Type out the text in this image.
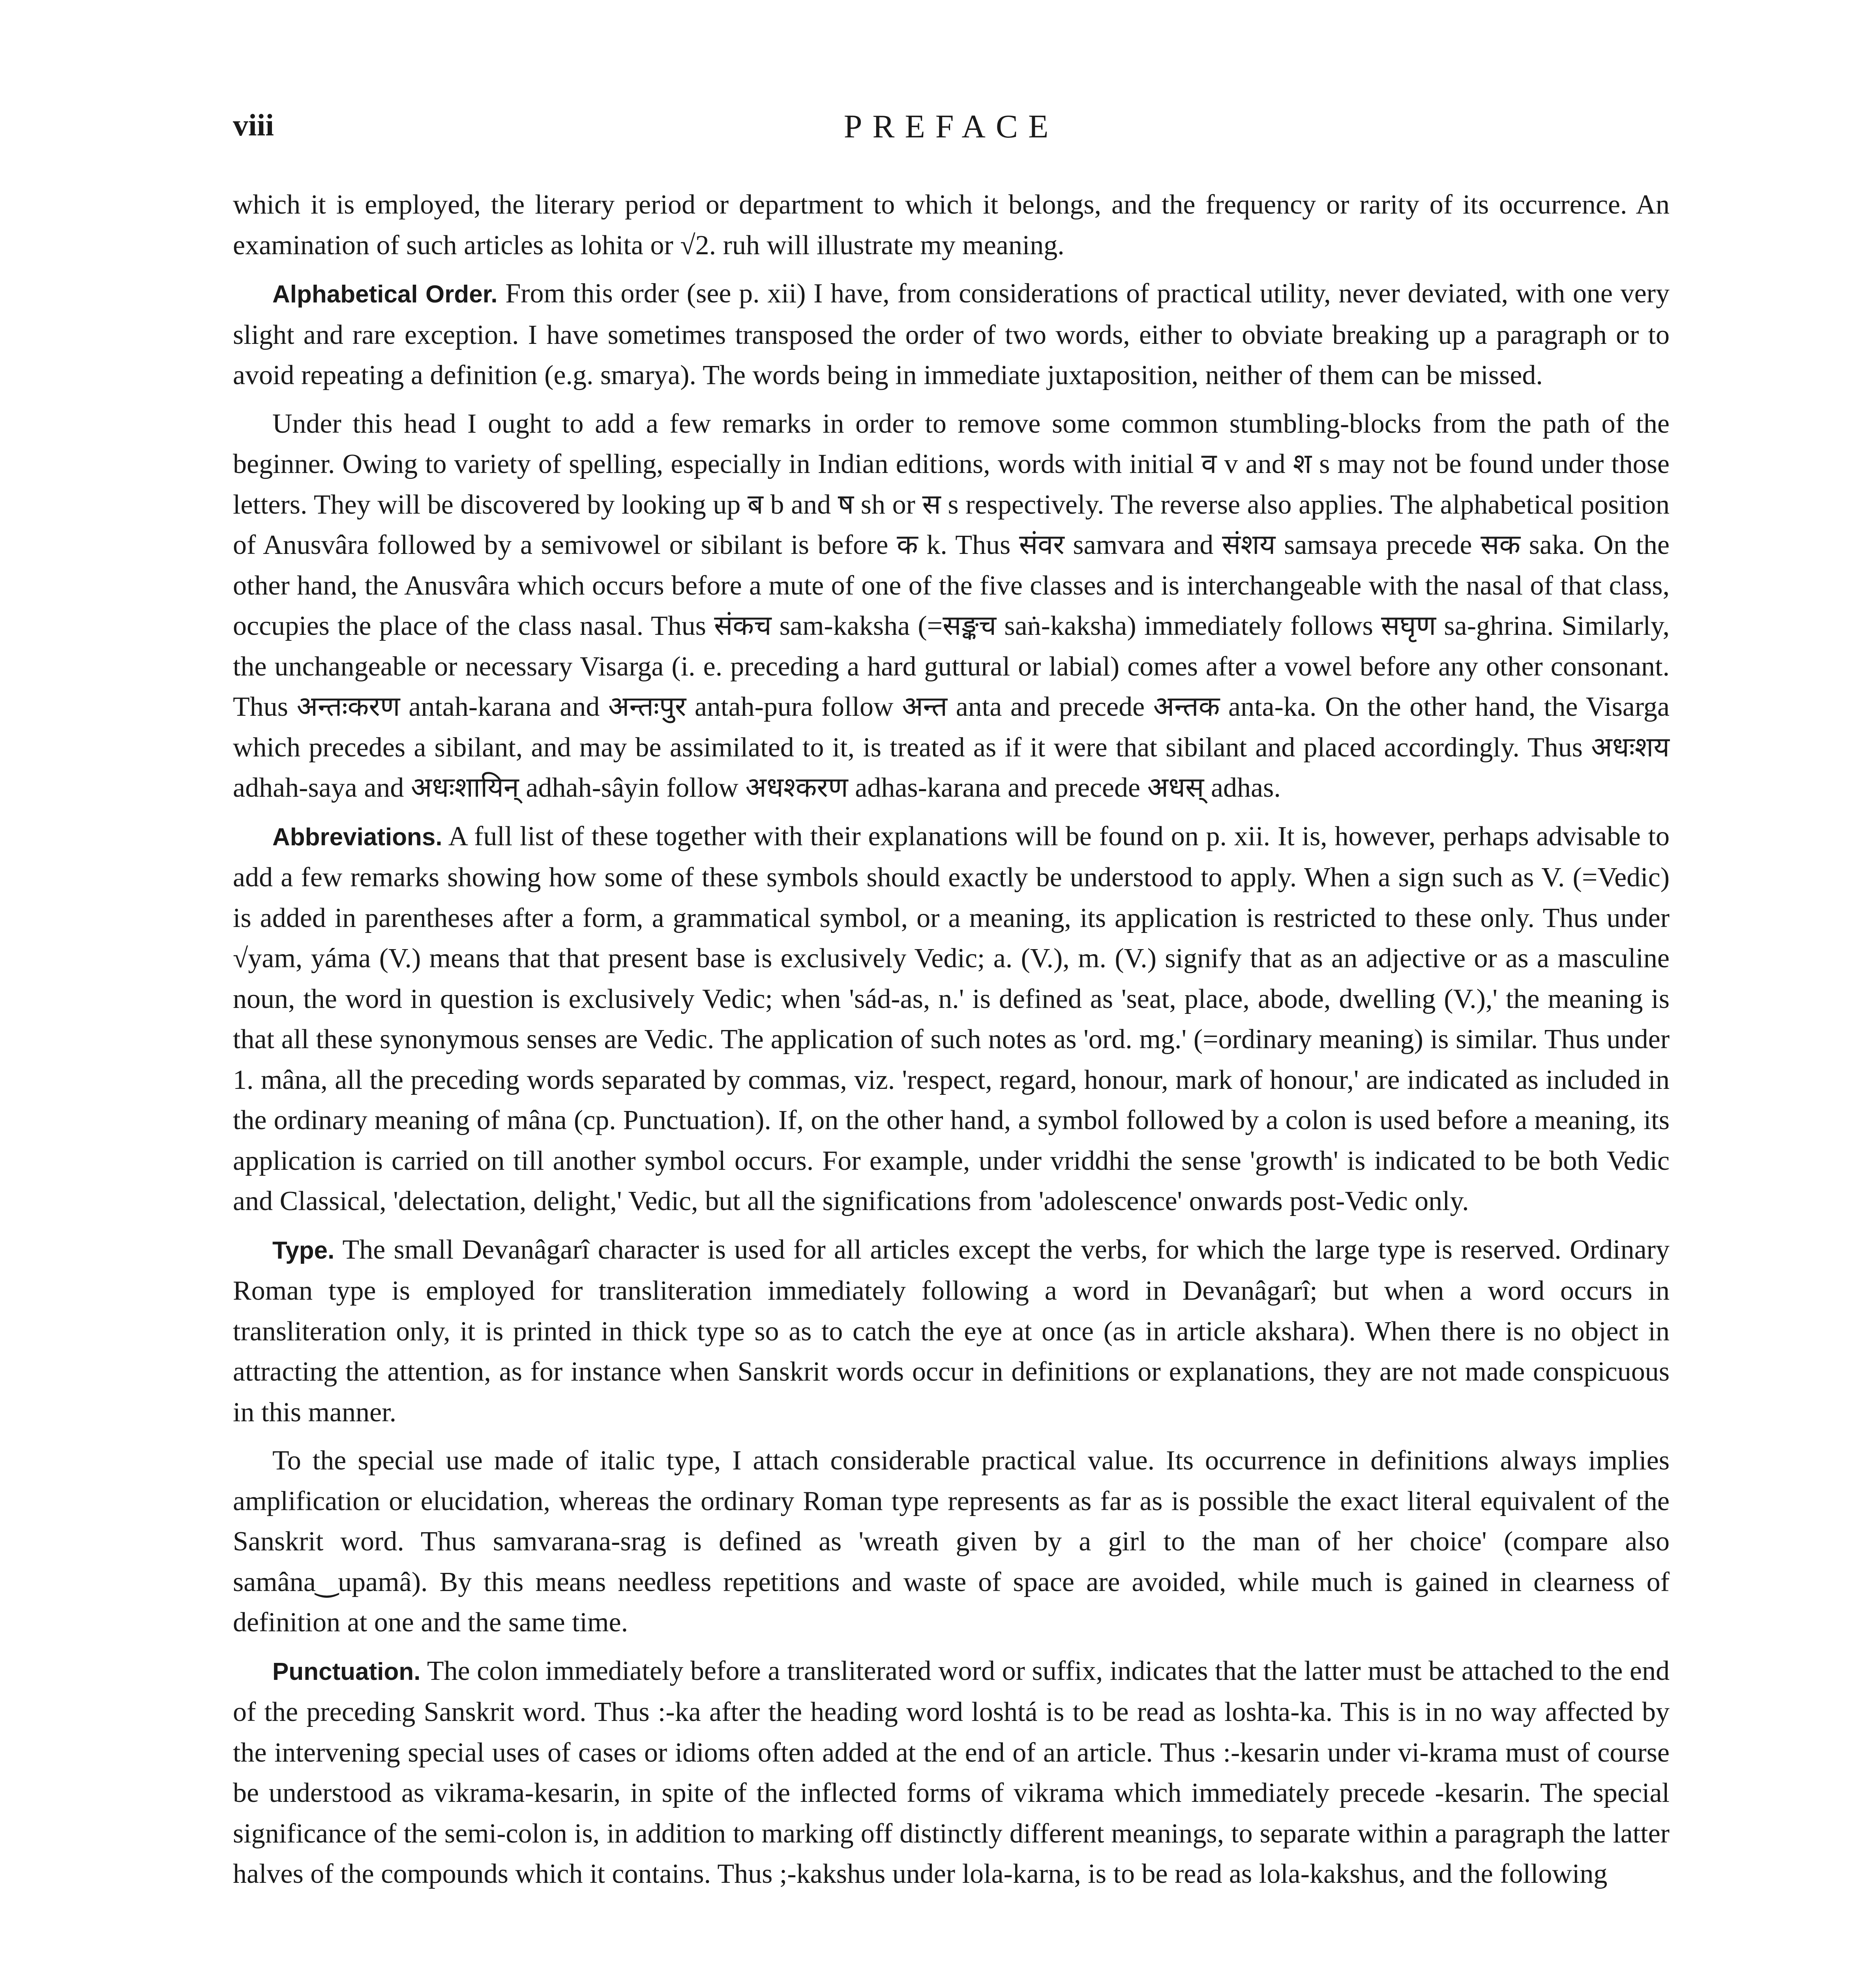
viii	PREFACE

which it is employed, the literary period or department to which it belongs, and the frequency or rarity of its occurrence. An examination of such articles as lohita or √2. ruh will illustrate my meaning.

Alphabetical Order. From this order (see p. xii) I have, from considerations of practical utility, never deviated, with one very slight and rare exception. I have sometimes transposed the order of two words, either to obviate breaking up a paragraph or to avoid repeating a definition (e.g. smarya). The words being in immediate juxtaposition, neither of them can be missed.

Under this head I ought to add a few remarks in order to remove some common stumbling-blocks from the path of the beginner. Owing to variety of spelling, especially in Indian editions, words with initial व v and श s may not be found under those letters. They will be discovered by looking up ब b and ष sh or स s respectively. The reverse also applies. The alphabetical position of Anusvâra followed by a semivowel or sibilant is before क k. Thus संवर samvara and संशय samsaya precede सक saka. On the other hand, the Anusvâra which occurs before a mute of one of the five classes and is interchangeable with the nasal of that class, occupies the place of the class nasal. Thus संकच sam-kaksha (=सङ्कच saṅ-kaksha) immediately follows सघृण sa-ghrina. Similarly, the unchangeable or necessary Visarga (i. e. preceding a hard guttural or labial) comes after a vowel before any other consonant. Thus अन्तःकरण antah-karana and अन्तःपुर antah-pura follow अन्त anta and precede अन्तक anta-ka. On the other hand, the Visarga which precedes a sibilant, and may be assimilated to it, is treated as if it were that sibilant and placed accordingly. Thus अधःशय adhah-saya and अधःशायिन् adhah-sâyin follow अधश्करण adhas-karana and precede अधस् adhas.

Abbreviations. A full list of these together with their explanations will be found on p. xii. It is, however, perhaps advisable to add a few remarks showing how some of these symbols should exactly be understood to apply. When a sign such as V. (=Vedic) is added in parentheses after a form, a grammatical symbol, or a meaning, its application is restricted to these only. Thus under √yam, yáma (V.) means that that present base is exclusively Vedic; a. (V.), m. (V.) signify that as an adjective or as a masculine noun, the word in question is exclusively Vedic; when 'sád-as, n.' is defined as 'seat, place, abode, dwelling (V.),' the meaning is that all these synonymous senses are Vedic. The application of such notes as 'ord. mg.' (=ordinary meaning) is similar. Thus under 1. mâna, all the preceding words separated by commas, viz. 'respect, regard, honour, mark of honour,' are indicated as included in the ordinary meaning of mâna (cp. Punctuation). If, on the other hand, a symbol followed by a colon is used before a meaning, its application is carried on till another symbol occurs. For example, under vriddhi the sense 'growth' is indicated to be both Vedic and Classical, 'delectation, delight,' Vedic, but all the significations from 'adolescence' onwards post-Vedic only.

Type. The small Devanâgarî character is used for all articles except the verbs, for which the large type is reserved. Ordinary Roman type is employed for transliteration immediately following a word in Devanâgarî; but when a word occurs in transliteration only, it is printed in thick type so as to catch the eye at once (as in article akshara). When there is no object in attracting the attention, as for instance when Sanskrit words occur in definitions or explanations, they are not made conspicuous in this manner.

To the special use made of italic type, I attach considerable practical value. Its occurrence in definitions always implies amplification or elucidation, whereas the ordinary Roman type represents as far as is possible the exact literal equivalent of the Sanskrit word. Thus samvarana-srag is defined as 'wreath given by a girl to the man of her choice' (compare also samâna‿upamâ). By this means needless repetitions and waste of space are avoided, while much is gained in clearness of definition at one and the same time.

Punctuation. The colon immediately before a transliterated word or suffix, indicates that the latter must be attached to the end of the preceding Sanskrit word. Thus :-ka after the heading word loshtá is to be read as loshta-ka. This is in no way affected by the intervening special uses of cases or idioms often added at the end of an article. Thus :-kesarin under vi-krama must of course be understood as vikrama-kesarin, in spite of the inflected forms of vikrama which immediately precede -kesarin. The special significance of the semi-colon is, in addition to marking off distinctly different meanings, to separate within a paragraph the latter halves of the compounds which it contains. Thus ;-kakshus under lola-karna, is to be read as lola-kakshus, and the following
